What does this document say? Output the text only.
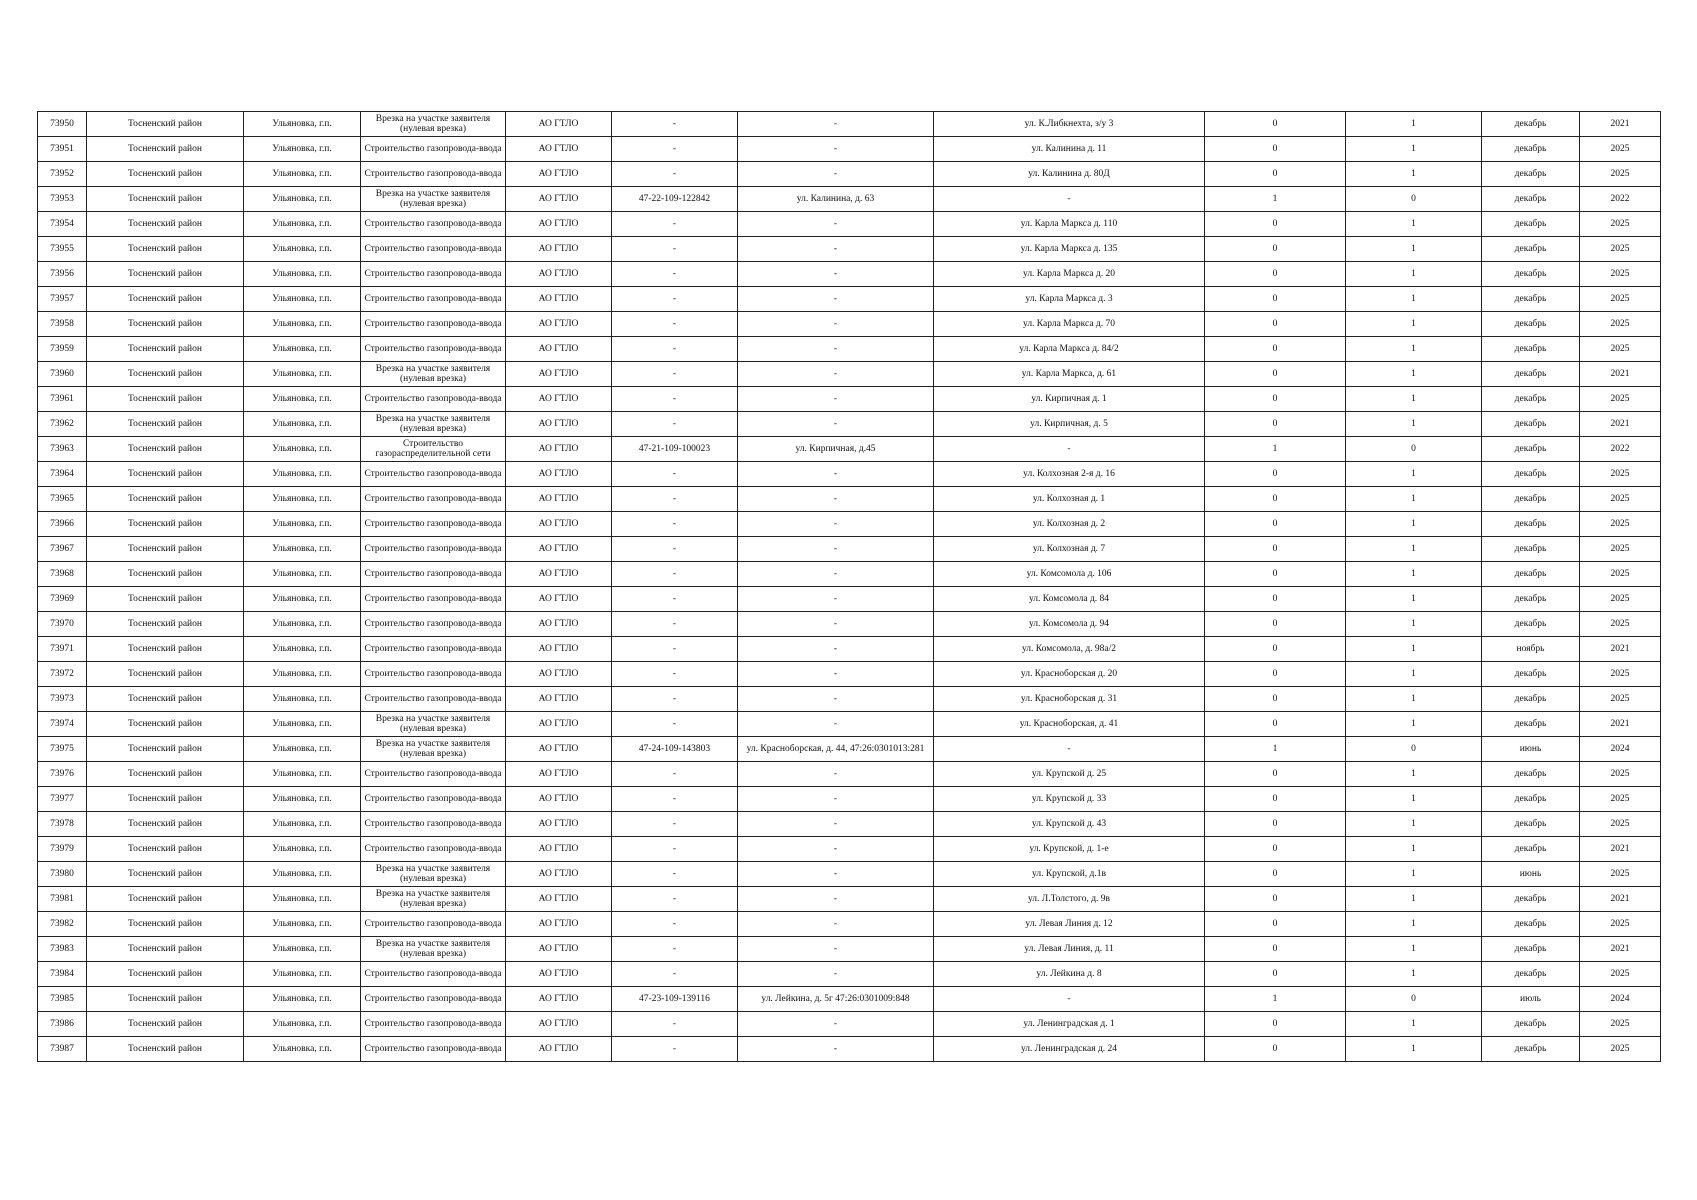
73950	Тосненский район	Ульяновка, г.п.	Врезка на участке заявителя (нулевая врезка)	АО ГТЛО	-	-	ул. К.Либкнехта, з/у 3	0	1	декабрь	2021
73951	Тосненский район	Ульяновка, г.п.	Строительство газопровода-ввода	АО ГТЛО	-	-	ул. Калинина д. 11	0	1	декабрь	2025
73952	Тосненский район	Ульяновка, г.п.	Строительство газопровода-ввода	АО ГТЛО	-	-	ул. Калинина д. 80Д	0	1	декабрь	2025
73953	Тосненский район	Ульяновка, г.п.	Врезка на участке заявителя (нулевая врезка)	АО ГТЛО	47-22-109-122842	ул. Калинина, д. 63	-	1	0	декабрь	2022
73954	Тосненский район	Ульяновка, г.п.	Строительство газопровода-ввода	АО ГТЛО	-	-	ул. Карла Маркса д. 110	0	1	декабрь	2025
73955	Тосненский район	Ульяновка, г.п.	Строительство газопровода-ввода	АО ГТЛО	-	-	ул. Карла Маркса д. 135	0	1	декабрь	2025
73956	Тосненский район	Ульяновка, г.п.	Строительство газопровода-ввода	АО ГТЛО	-	-	ул. Карла Маркса д. 20	0	1	декабрь	2025
73957	Тосненский район	Ульяновка, г.п.	Строительство газопровода-ввода	АО ГТЛО	-	-	ул. Карла Маркса д. 3	0	1	декабрь	2025
73958	Тосненский район	Ульяновка, г.п.	Строительство газопровода-ввода	АО ГТЛО	-	-	ул. Карла Маркса д. 70	0	1	декабрь	2025
73959	Тосненский район	Ульяновка, г.п.	Строительство газопровода-ввода	АО ГТЛО	-	-	ул. Карла Маркса д. 84/2	0	1	декабрь	2025
73960	Тосненский район	Ульяновка, г.п.	Врезка на участке заявителя (нулевая врезка)	АО ГТЛО	-	-	ул. Карла Маркса, д. 61	0	1	декабрь	2021
73961	Тосненский район	Ульяновка, г.п.	Строительство газопровода-ввода	АО ГТЛО	-	-	ул. Кирпичная д. 1	0	1	декабрь	2025
73962	Тосненский район	Ульяновка, г.п.	Врезка на участке заявителя (нулевая врезка)	АО ГТЛО	-	-	ул. Кирпичная, д. 5	0	1	декабрь	2021
73963	Тосненский район	Ульяновка, г.п.	Строительство газораспределительной сети	АО ГТЛО	47-21-109-100023	ул. Кирпичная, д.45	-	1	0	декабрь	2022
73964	Тосненский район	Ульяновка, г.п.	Строительство газопровода-ввода	АО ГТЛО	-	-	ул. Колхозная 2-я д. 16	0	1	декабрь	2025
73965	Тосненский район	Ульяновка, г.п.	Строительство газопровода-ввода	АО ГТЛО	-	-	ул. Колхозная д. 1	0	1	декабрь	2025
73966	Тосненский район	Ульяновка, г.п.	Строительство газопровода-ввода	АО ГТЛО	-	-	ул. Колхозная д. 2	0	1	декабрь	2025
73967	Тосненский район	Ульяновка, г.п.	Строительство газопровода-ввода	АО ГТЛО	-	-	ул. Колхозная д. 7	0	1	декабрь	2025
73968	Тосненский район	Ульяновка, г.п.	Строительство газопровода-ввода	АО ГТЛО	-	-	ул. Комсомола д. 106	0	1	декабрь	2025
73969	Тосненский район	Ульяновка, г.п.	Строительство газопровода-ввода	АО ГТЛО	-	-	ул. Комсомола д. 84	0	1	декабрь	2025
73970	Тосненский район	Ульяновка, г.п.	Строительство газопровода-ввода	АО ГТЛО	-	-	ул. Комсомола д. 94	0	1	декабрь	2025
73971	Тосненский район	Ульяновка, г.п.	Строительство газопровода-ввода	АО ГТЛО	-	-	ул. Комсомола, д. 98а/2	0	1	ноябрь	2021
73972	Тосненский район	Ульяновка, г.п.	Строительство газопровода-ввода	АО ГТЛО	-	-	ул. Красноборская д. 20	0	1	декабрь	2025
73973	Тосненский район	Ульяновка, г.п.	Строительство газопровода-ввода	АО ГТЛО	-	-	ул. Красноборская д. 31	0	1	декабрь	2025
73974	Тосненский район	Ульяновка, г.п.	Врезка на участке заявителя (нулевая врезка)	АО ГТЛО	-	-	ул. Красноборская, д. 41	0	1	декабрь	2021
73975	Тосненский район	Ульяновка, г.п.	Врезка на участке заявителя (нулевая врезка)	АО ГТЛО	47-24-109-143803	ул. Красноборская, д. 44, 47:26:0301013:281	-	1	0	июнь	2024
73976	Тосненский район	Ульяновка, г.п.	Строительство газопровода-ввода	АО ГТЛО	-	-	ул. Крупской д. 25	0	1	декабрь	2025
73977	Тосненский район	Ульяновка, г.п.	Строительство газопровода-ввода	АО ГТЛО	-	-	ул. Крупской д. 33	0	1	декабрь	2025
73978	Тосненский район	Ульяновка, г.п.	Строительство газопровода-ввода	АО ГТЛО	-	-	ул. Крупской д. 43	0	1	декабрь	2025
73979	Тосненский район	Ульяновка, г.п.	Строительство газопровода-ввода	АО ГТЛО	-	-	ул. Крупской, д. 1-е	0	1	декабрь	2021
73980	Тосненский район	Ульяновка, г.п.	Врезка на участке заявителя (нулевая врезка)	АО ГТЛО	-	-	ул. Крупской, д.1в	0	1	июнь	2025
73981	Тосненский район	Ульяновка, г.п.	Врезка на участке заявителя (нулевая врезка)	АО ГТЛО	-	-	ул. Л.Толстого, д. 9в	0	1	декабрь	2021
73982	Тосненский район	Ульяновка, г.п.	Строительство газопровода-ввода	АО ГТЛО	-	-	ул. Левая Линия д. 12	0	1	декабрь	2025
73983	Тосненский район	Ульяновка, г.п.	Врезка на участке заявителя (нулевая врезка)	АО ГТЛО	-	-	ул. Левая Линия, д. 11	0	1	декабрь	2021
73984	Тосненский район	Ульяновка, г.п.	Строительство газопровода-ввода	АО ГТЛО	-	-	ул. Лейкина д. 8	0	1	декабрь	2025
73985	Тосненский район	Ульяновка, г.п.	Строительство газопровода-ввода	АО ГТЛО	47-23-109-139116	ул. Лейкина, д. 5г 47:26:0301009:848	-	1	0	июль	2024
73986	Тосненский район	Ульяновка, г.п.	Строительство газопровода-ввода	АО ГТЛО	-	-	ул. Ленинградская д. 1	0	1	декабрь	2025
73987	Тосненский район	Ульяновка, г.п.	Строительство газопровода-ввода	АО ГТЛО	-	-	ул. Ленинградская д. 24	0	1	декабрь	2025
